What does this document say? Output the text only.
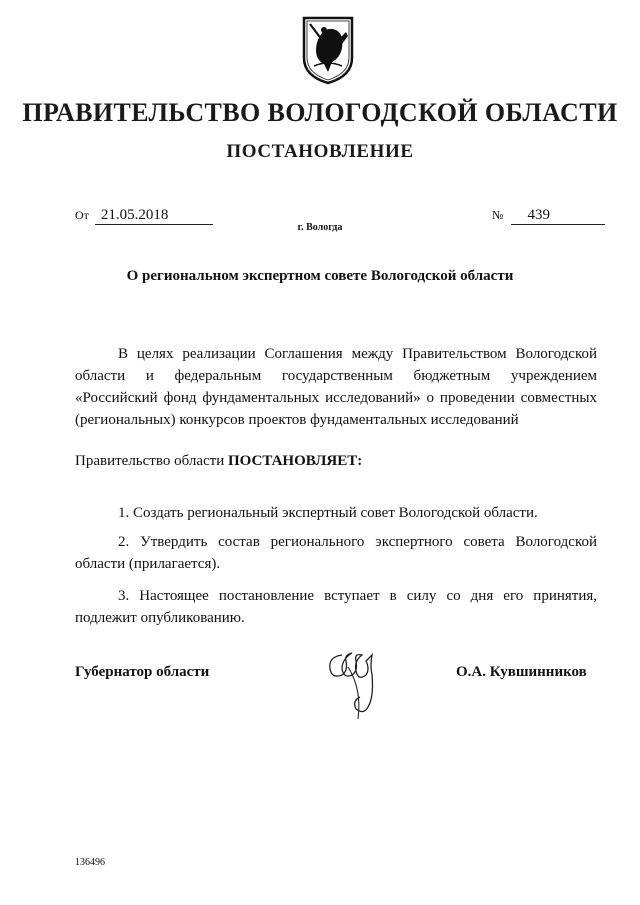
ПРАВИТЕЛЬСТВО ВОЛОГОДСКОЙ ОБЛАСТИ
ПОСТАНОВЛЕНИЕ
От 21.05.2018	№ 439
г. Вологда
О региональном экспертном совете Вологодской области

В целях реализации Соглашения между Правительством Вологодской области и федеральным государственным бюджетным учреждением «Российский фонд фундаментальных исследований» о проведении совместных (региональных) конкурсов проектов фундаментальных исследований

Правительство области ПОСТАНОВЛЯЕТ:

1. Создать региональный экспертный совет Вологодской области.

2. Утвердить состав регионального экспертного совета Вологодской области (прилагается).

3. Настоящее постановление вступает в силу со дня его принятия, подлежит опубликованию.

Губернатор области	О.А. Кувшинников
136496
